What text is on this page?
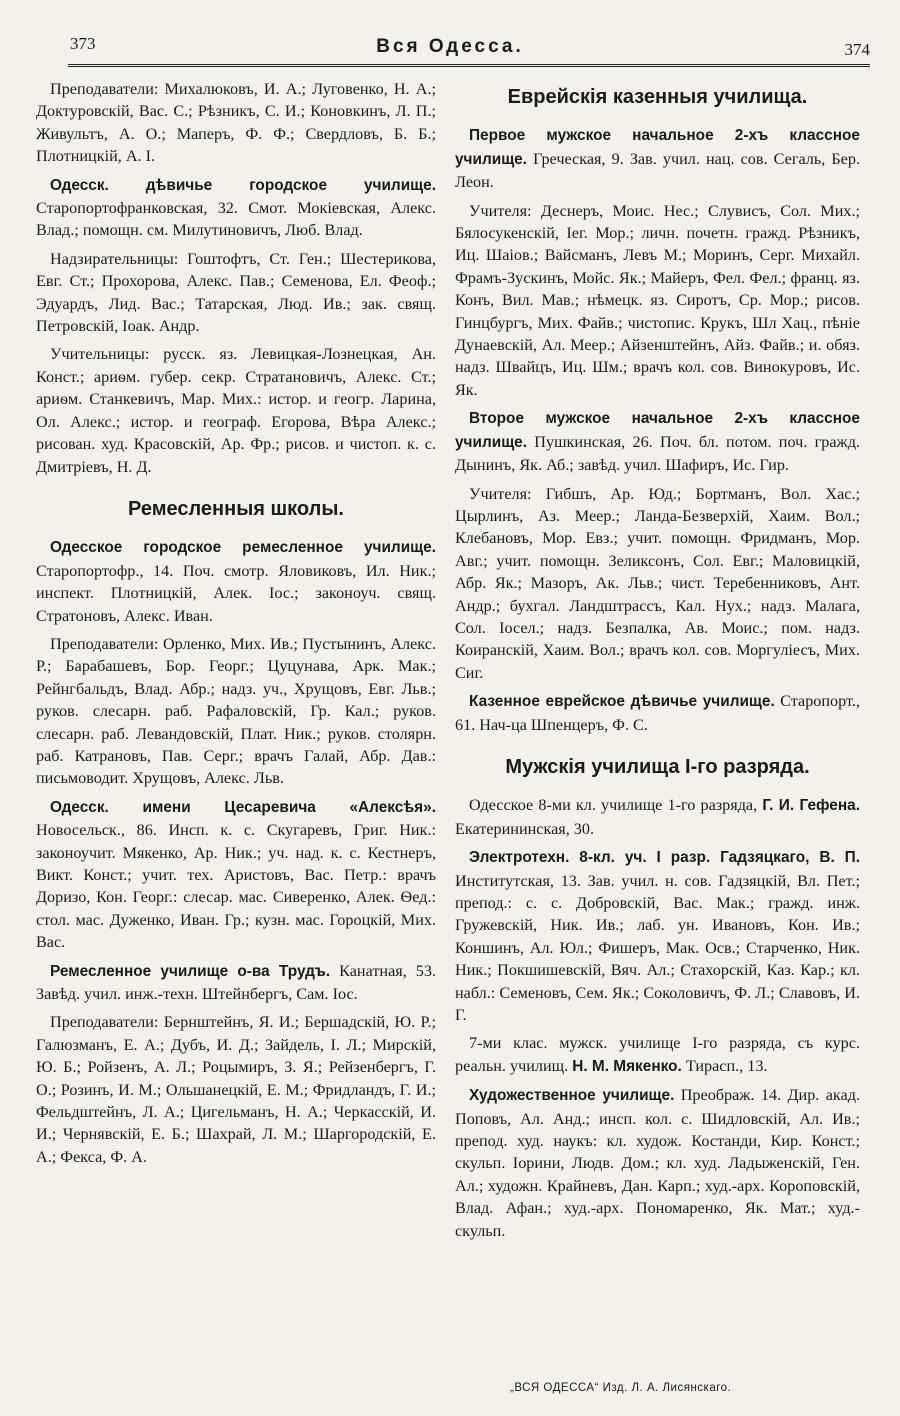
373	Вся Одесса.	374

Преподаватели: Михалюковъ, И. А.; Луговенко, Н. А.; Доктуровскій, Вас. С.; Рѣзникъ, С. И.; Коновкинъ, Л. П.; Живультъ, А. О.; Маперъ, Ф. Ф.; Свердловъ, Б. Б.; Плотницкій, А. І.

Одесск. дѣвичье городское училище. Старопортофранковская, 32. Смот. Мокіевская, Алекс. Влад.; помощн. см. Милутиновичъ, Люб. Влад.

Надзирательницы: Гоштофтъ, Ст. Ген.; Шестерикова, Евг. Ст.; Прохорова, Алекс. Пав.; Семенова, Ел. Феоф.; Эдуардъ, Лид. Вас.; Татарская, Люд. Ив.; зак. свящ. Петровскій, Іоак. Андр.

Учительницы: русск. яз. Левицкая-Лознецкая, Ан. Конст.; ариѳм. губер. секр. Стратановичъ, Алекс. Ст.; ариѳм. Станкевичъ, Мар. Мих.: истор. и геогр. Ларина, Ол. Алекс.; истор. и географ. Егорова, Вѣра Алекс.; рисован. худ. Красовскій, Ар. Фр.; рисов. и чистоп. к. с. Дмитріевъ, Н. Д.

Ремесленныя школы.

Одесское городское ремесленное училище. Старопортофр., 14. Поч. смотр. Яловиковъ, Ил. Ник.; инспект. Плотницкій, Алек. Іос.; законоуч. свящ. Стратоновъ, Алекс. Иван.

Преподаватели: Орленко, Мих. Ив.; Пустынинъ, Алекс. Р.; Барабашевъ, Бор. Георг.; Цуцунава, Арк. Мак.; Рейнгбальдъ, Влад. Абр.; надз. уч., Хрущовъ, Евг. Льв.; руков. слесарн. раб. Рафаловскій, Гр. Кал.; руков. слесарн. раб. Левандовскій, Плат. Ник.; руков. столярн. раб. Катрановъ, Пав. Серг.; врачъ Галай, Абр. Дав.: письмоводит. Хрущовъ, Алекс. Льв.

Одесск. имени Цесаревича «Алексѣя». Новосельск., 86. Инсп. к. с. Скугаревъ, Григ. Ник.: законоучит. Мякенко, Ар. Ник.; уч. над. к. с. Кестнеръ, Викт. Конст.; учит. тех. Аристовъ, Вас. Петр.: врачъ Доризо, Кон. Георг.: слесар. мас. Сиверенко, Алек. Ѳед.: стол. мас. Дуженко, Иван. Гр.; кузн. мас. Гороцкій, Мих. Вас.

Ремесленное училище о-ва Трудъ. Канатная, 53. Завѣд. учил. инж.-техн. Штейнбергъ, Сам. Іос.

Преподаватели: Бернштейнъ, Я. И.; Бершадскій, Ю. Р.; Галюзманъ, Е. А.; Дубъ, И. Д.; Зайдель, І. Л.; Мирскій, Ю. Б.; Ройзенъ, А. Л.; Роцымиръ, З. Я.; Рейзенбергъ, Г. О.; Розинъ, И. М.; Ольшанецкій, Е. М.; Фридландъ, Г. И.; Фельдштейнъ, Л. А.; Цигельманъ, Н. А.; Черкасскій, И. И.; Чернявскій, Е. Б.; Шахрай, Л. М.; Шаргородскій, Е. А.; Фекса, Ф. А.

Еврейскія казенныя училища.

Первое мужское начальное 2-хъ классное училище. Греческая, 9. Зав. учил. нац. сов. Сегаль, Бер. Леон.

Учителя: Деснеръ, Моис. Нес.; Слувисъ, Сол. Мих.; Бялосукенскій, Іег. Мор.; личн. почетн. гражд. Рѣзникъ, Иц. Шаіов.; Вайсманъ, Левъ М.; Моринъ, Серг. Михайл. Фрамъ-Зускинъ, Мойс. Як.; Майеръ, Фел. Фел.; франц. яз. Конъ, Вил. Мав.; нѣмецк. яз. Сиротъ, Ср. Мор.; рисов. Гинцбургъ, Мих. Файв.; чистопис. Крукъ, Шл Хац., пѣніе Дунаевскій, Ал. Меер.; Айзенштейнъ, Айз. Файв.; и. обяз. надз. Швайцъ, Иц. Шм.; врачъ кол. сов. Винокуровъ, Ис. Як.

Второе мужское начальное 2-хъ классное училище. Пушкинская, 26. Поч. бл. потом. поч. гражд. Дынинъ, Як. Аб.; завѣд. учил. Шафиръ, Ис. Гир.

Учителя: Гибшъ, Ар. Юд.; Бортманъ, Вол. Хас.; Цырлинъ, Аз. Меер.; Ланда-Безверхій, Хаим. Вол.; Клебановъ, Мор. Евз.; учит. помощн. Фридманъ, Мор. Авг.; учит. помощн. Зеликсонъ, Сол. Евг.; Маловицкій, Абр. Як.; Мазоръ, Ак. Льв.; чист. Теребенниковъ, Ант. Андр.; бухгал. Ландштрассъ, Кал. Нух.; надз. Малага, Сол. Іосел.; надз. Безпалка, Ав. Моис.; пом. надз. Коиранскій, Хаим. Вол.; врачъ кол. сов. Моргуліесъ, Мих. Сиг.

Казенное еврейское дѣвичье училище. Старопорт., 61. Нач-ца Шпенцеръ, Ф. С.

Мужскія училища І-го разряда.

Одесское 8-ми кл. училище 1-го разряда, Г. И. Гефена. Екатерининская, 30.

Электротехн. 8-кл. уч. І разр. Гадзяцкаго, В. П. Институтская, 13. Зав. учил. н. сов. Гадзяцкій, Вл. Пет.; препод.: с. с. Добровскій, Вас. Мак.; гражд. инж. Гружевскій, Ник. Ив.; лаб. ун. Ивановъ, Кон. Ив.; Коншинъ, Ал. Юл.; Фишеръ, Мак. Осв.; Старченко, Ник. Ник.; Покшишевскій, Вяч. Ал.; Стахорскій, Каз. Кар.; кл. набл.: Семеновъ, Сем. Як.; Соколовичъ, Ф. Л.; Славовъ, И. Г.

7-ми клас. мужск. училище І-го разряда, съ курс. реальн. училищ. Н. М. Мякенко. Тирасп., 13.

Художественное училище. Преображ. 14. Дир. акад. Поповъ, Ал. Анд.; инсп. кол. с. Шидловскій, Ал. Ив.; препод. худ. наукъ: кл. худож. Костанди, Кир. Конст.; скульп. Іорини, Людв. Дом.; кл. худ. Ладыженскій, Ген. Ал.; художн. Крайневъ, Дан. Карп.; худ.-арх. Короповскій, Влад. Афан.; худ.-арх. Пономаренко, Як. Мат.; худ.-скульп.

„ВСЯ ОДЕССА“ Изд. Л. А. Лисянскаго.
